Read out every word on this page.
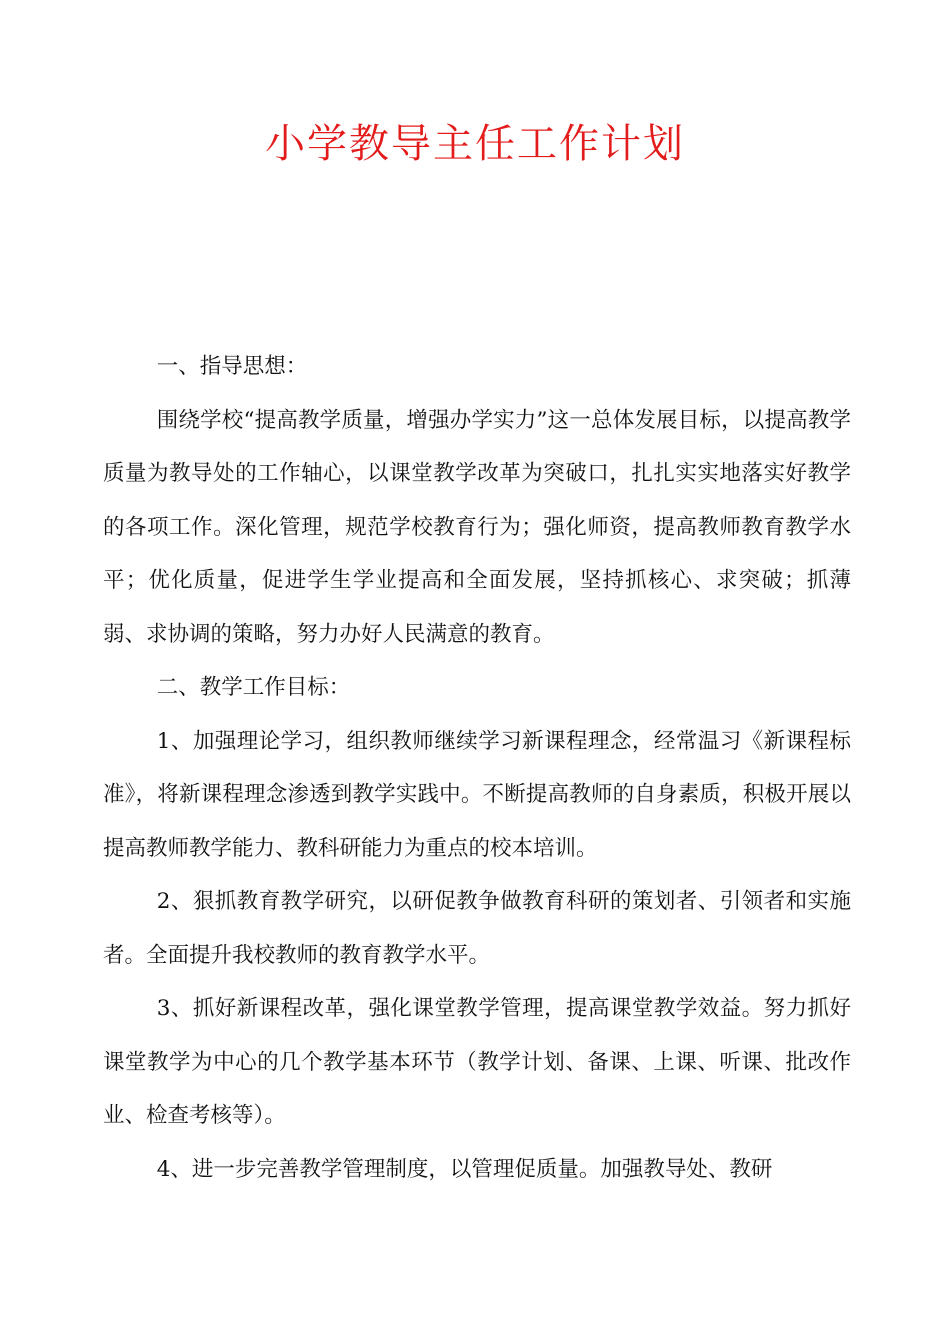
小学教导主任工作计划

一、指导思想：

围绕学校“提高教学质量，增强办学实力”这一总体发展目标，以提高教学质量为教导处的工作轴心，以课堂教学改革为突破口，扎扎实实地落实好教学的各项工作。深化管理，规范学校教育行为；强化师资，提高教师教育教学水平；优化质量，促进学生学业提高和全面发展，坚持抓核心、求突破；抓薄弱、求协调的策略，努力办好人民满意的教育。

二、教学工作目标：

1、加强理论学习，组织教师继续学习新课程理念，经常温习《新课程标准》，将新课程理念渗透到教学实践中。不断提高教师的自身素质，积极开展以提高教师教学能力、教科研能力为重点的校本培训。

2、狠抓教育教学研究，以研促教争做教育科研的策划者、引领者和实施者。全面提升我校教师的教育教学水平。

3、抓好新课程改革，强化课堂教学管理，提高课堂教学效益。努力抓好课堂教学为中心的几个教学基本环节（教学计划、备课、上课、听课、批改作业、检查考核等）。

4、进一步完善教学管理制度，以管理促质量。加强教导处、教研
